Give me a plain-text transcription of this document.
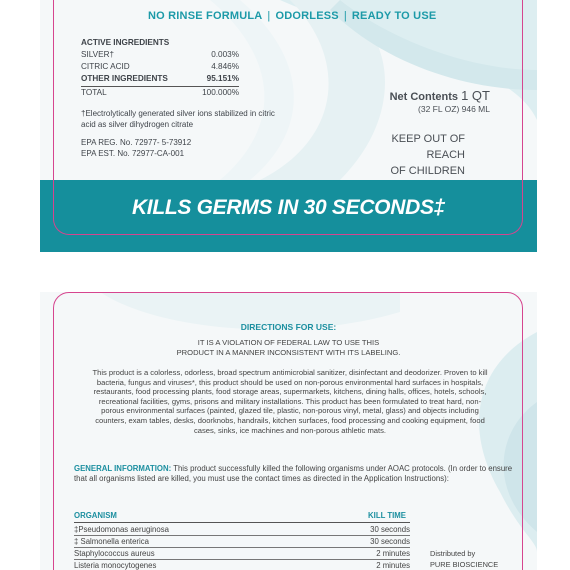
NO RINSE FORMULA | ODORLESS | READY TO USE
ACTIVE INGREDIENTS
SILVER†	0.003%
CITRIC ACID	4.846%
OTHER INGREDIENTS	95.151%
TOTAL	100.000%
†Electrolytically generated silver ions stabilized in citric acid as silver dihydrogen citrate
EPA REG. No. 72977- 5-73912
EPA EST. No. 72977-CA-001
Net Contents 1 QT
(32 FL OZ) 946 ML
KEEP OUT OF REACH
OF CHILDREN
KILLS GERMS IN 30 SECONDS‡
DIRECTIONS FOR USE:
IT IS A VIOLATION OF FEDERAL LAW TO USE THIS
PRODUCT IN A MANNER INCONSISTENT WITH ITS LABELING.
This product is a colorless, odorless, broad spectrum antimicrobial sanitizer, disinfectant and deodorizer. Proven to kill bacteria, fungus and viruses*, this product should be used on non-porous environmental hard surfaces in hospitals, restaurants, food processing plants, food storage areas, supermarkets, kitchens, dining halls, offices, hotels, schools, recreational facilities, gyms, prisons and military installations. This product has been formulated to treat hard, non-porous environmental surfaces (painted, glazed tile, plastic, non-porous vinyl, metal, glass) and objects including counters, exam tables, desks, doorknobs, handrails, kitchen surfaces, food processing and cooking equipment, food cases, sinks, ice machines and non-porous athletic mats.
GENERAL INFORMATION: This product successfully killed the following organisms under AOAC protocols. (In order to ensure that all organisms listed are killed, you must use the contact times as directed in the Application Instructions):
ORGANISM	KILL TIME
‡Pseudomonas aeruginosa	30 seconds
‡ Salmonella enterica	30 seconds
Staphylococcus aureus	2 minutes
Listeria monocytogenes	2 minutes
Distributed by
PURE BIOSCIENCE
